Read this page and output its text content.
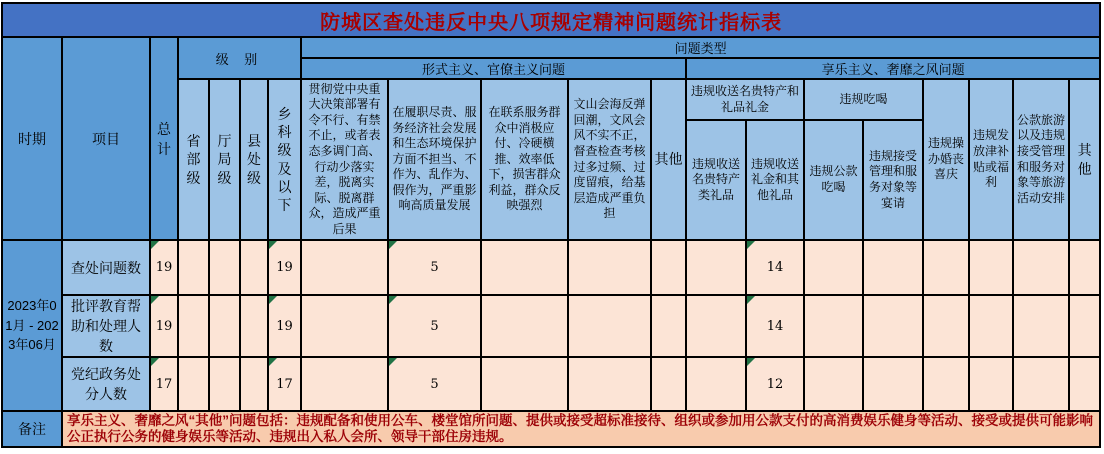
防城区查处违反中央八项规定精神问题统计指标表																			
时期	项目	总计	级 别				问题类型												
							形式主义、官僚主义问题					享乐主义、奢靡之风问题							
			省部级	厅局级	县处级	乡科级及以下	贯彻党中央重大决策部署有令不行、有禁不止，或者表态多调门高、行动少落实差，脱离实际、脱离群众，造成严重后果	在履职尽责、服务经济社会发展和生态环境保护方面不担当、不作为、乱作为、假作为，严重影响高质量发展	在联系服务群众中消极应付、冷硬横推、效率低下，损害群众利益，群众反映强烈	文山会海反弹回潮，文风会风不实不正，督查检查考核过多过频、过度留痕，给基层造成严重负担	其他	违规收送名贵特产和礼品礼金		违规吃喝		违规操办婚丧喜庆	违规发放津补贴或福利	公款旅游以及违规接受管理和服务对象等旅游活动安排	其他
												违规收送名贵特产类礼品	违规收送礼金和其他礼品	违规公款吃喝	违规接受管理和服务对象等宴请				
2023年01月 - 2023年06月	查处问题数	19				19		5					14

	批评教育帮助和处理人数	19				19		5					14

	党纪政务处分人数	17				17		5					12

备注	享乐主义、奢靡之风“其他”问题包括：违规配备和使用公车、楼堂馆所问题、提供或接受超标准接待、组织或参加用公款支付的高消费娱乐健身等活动、接受或提供可能影响公正执行公务的健身娱乐等活动、违规出入私人会所、领导干部住房违规。																		
